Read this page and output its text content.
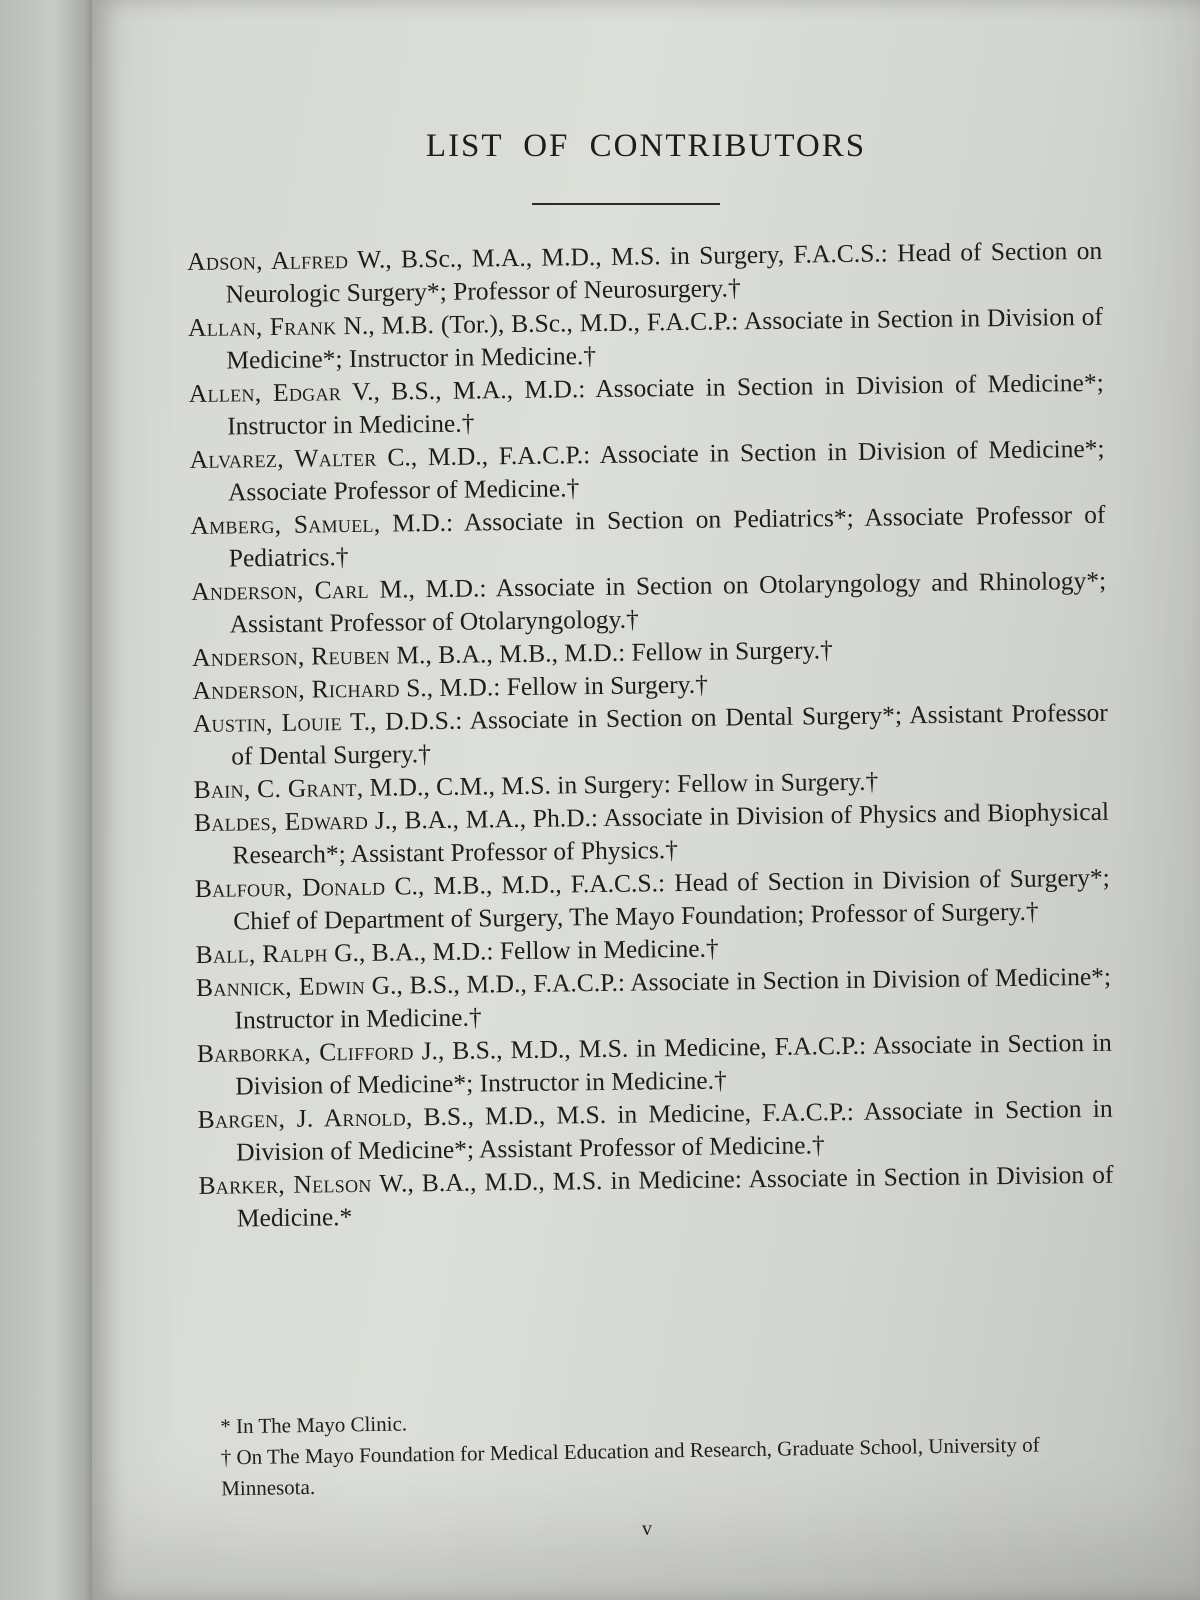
LIST OF CONTRIBUTORS

Adson, Alfred W., B.Sc., M.A., M.D., M.S. in Surgery, F.A.C.S.: Head of Section on Neurologic Surgery*; Professor of Neurosurgery.†

Allan, Frank N., M.B. (Tor.), B.Sc., M.D., F.A.C.P.: Associate in Section in Division of Medicine*; Instructor in Medicine.†

Allen, Edgar V., B.S., M.A., M.D.: Associate in Section in Division of Medicine*; Instructor in Medicine.†

Alvarez, Walter C., M.D., F.A.C.P.: Associate in Section in Division of Medicine*; Associate Professor of Medicine.†

Amberg, Samuel, M.D.: Associate in Section on Pediatrics*; Associate Professor of Pediatrics.†

Anderson, Carl M., M.D.: Associate in Section on Otolaryngology and Rhinology*; Assistant Professor of Otolaryngology.†

Anderson, Reuben M., B.A., M.B., M.D.: Fellow in Surgery.†

Anderson, Richard S., M.D.: Fellow in Surgery.†

Austin, Louie T., D.D.S.: Associate in Section on Dental Surgery*; Assistant Professor of Dental Surgery.†

Bain, C. Grant, M.D., C.M., M.S. in Surgery: Fellow in Surgery.†

Baldes, Edward J., B.A., M.A., Ph.D.: Associate in Division of Physics and Biophysical Research*; Assistant Professor of Physics.†

Balfour, Donald C., M.B., M.D., F.A.C.S.: Head of Section in Division of Surgery*; Chief of Department of Surgery, The Mayo Foundation; Professor of Surgery.†

Ball, Ralph G., B.A., M.D.: Fellow in Medicine.†

Bannick, Edwin G., B.S., M.D., F.A.C.P.: Associate in Section in Division of Medicine*; Instructor in Medicine.†

Barborka, Clifford J., B.S., M.D., M.S. in Medicine, F.A.C.P.: Associate in Section in Division of Medicine*; Instructor in Medicine.†

Bargen, J. Arnold, B.S., M.D., M.S. in Medicine, F.A.C.P.: Associate in Section in Division of Medicine*; Assistant Professor of Medicine.†

Barker, Nelson W., B.A., M.D., M.S. in Medicine: Associate in Section in Division of Medicine.*

* In The Mayo Clinic.
† On The Mayo Foundation for Medical Education and Research, Graduate School, University of Minnesota.
v
